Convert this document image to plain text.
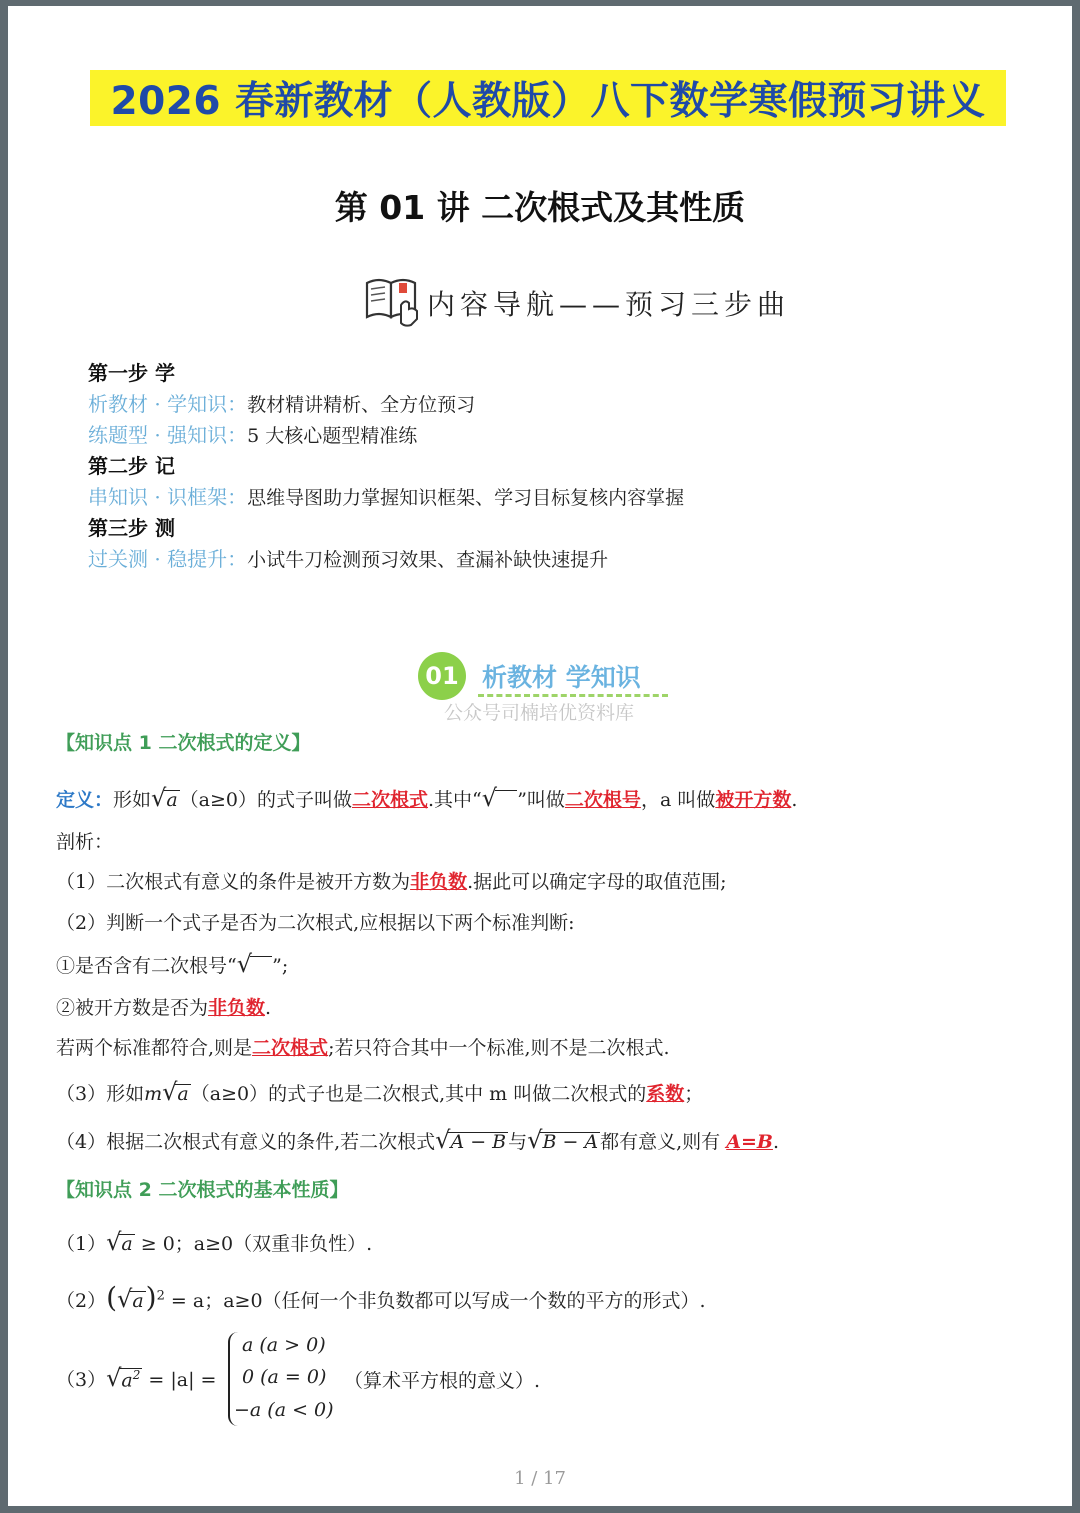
2026 春新教材（人教版）八下数学寒假预习讲义
第 01 讲 二次根式及其性质
内容导航——预习三步曲
第一步 学
析教材 · 学知识：教材精讲精析、全方位预习
练题型 · 强知识：5 大核心题型精准练
第二步 记
串知识 · 识框架：思维导图助力掌握知识框架、学习目标复核内容掌握
第三步 测
过关测 · 稳提升：小试牛刀检测预习效果、查漏补缺快速提升
01 析教材 学知识
公众号司楠培优资料库
【知识点 1 二次根式的定义】
定义：形如√a （a≥0）的式子叫做二次根式.其中“√ ”叫做二次根号，a 叫做被开方数.
剖析：
（1）二次根式有意义的条件是被开方数为非负数.据此可以确定字母的取值范围;
（2）判断一个式子是否为二次根式,应根据以下两个标准判断:
①是否含有二次根号“√ ”;
②被开方数是否为非负数.
若两个标准都符合,则是二次根式;若只符合其中一个标准,则不是二次根式.
（3）形如m√a （a≥0）的式子也是二次根式,其中 m 叫做二次根式的系数；
（4）根据二次根式有意义的条件,若二次根式√A − B 与√B − A 都有意义,则有 A=B.
【知识点 2 二次根式的基本性质】
（1）√a ≥ 0；a≥0（双重非负性）.
$(2)(√a)^2 = a$；a≥0（任何一个非负数都可以写成一个数的平方的形式）.
$(3)√a^2 = |a|$ =
a (a > 0)
0 (a = 0)
−a (a < 0)
（算术平方根的意义）.
1 / 17
